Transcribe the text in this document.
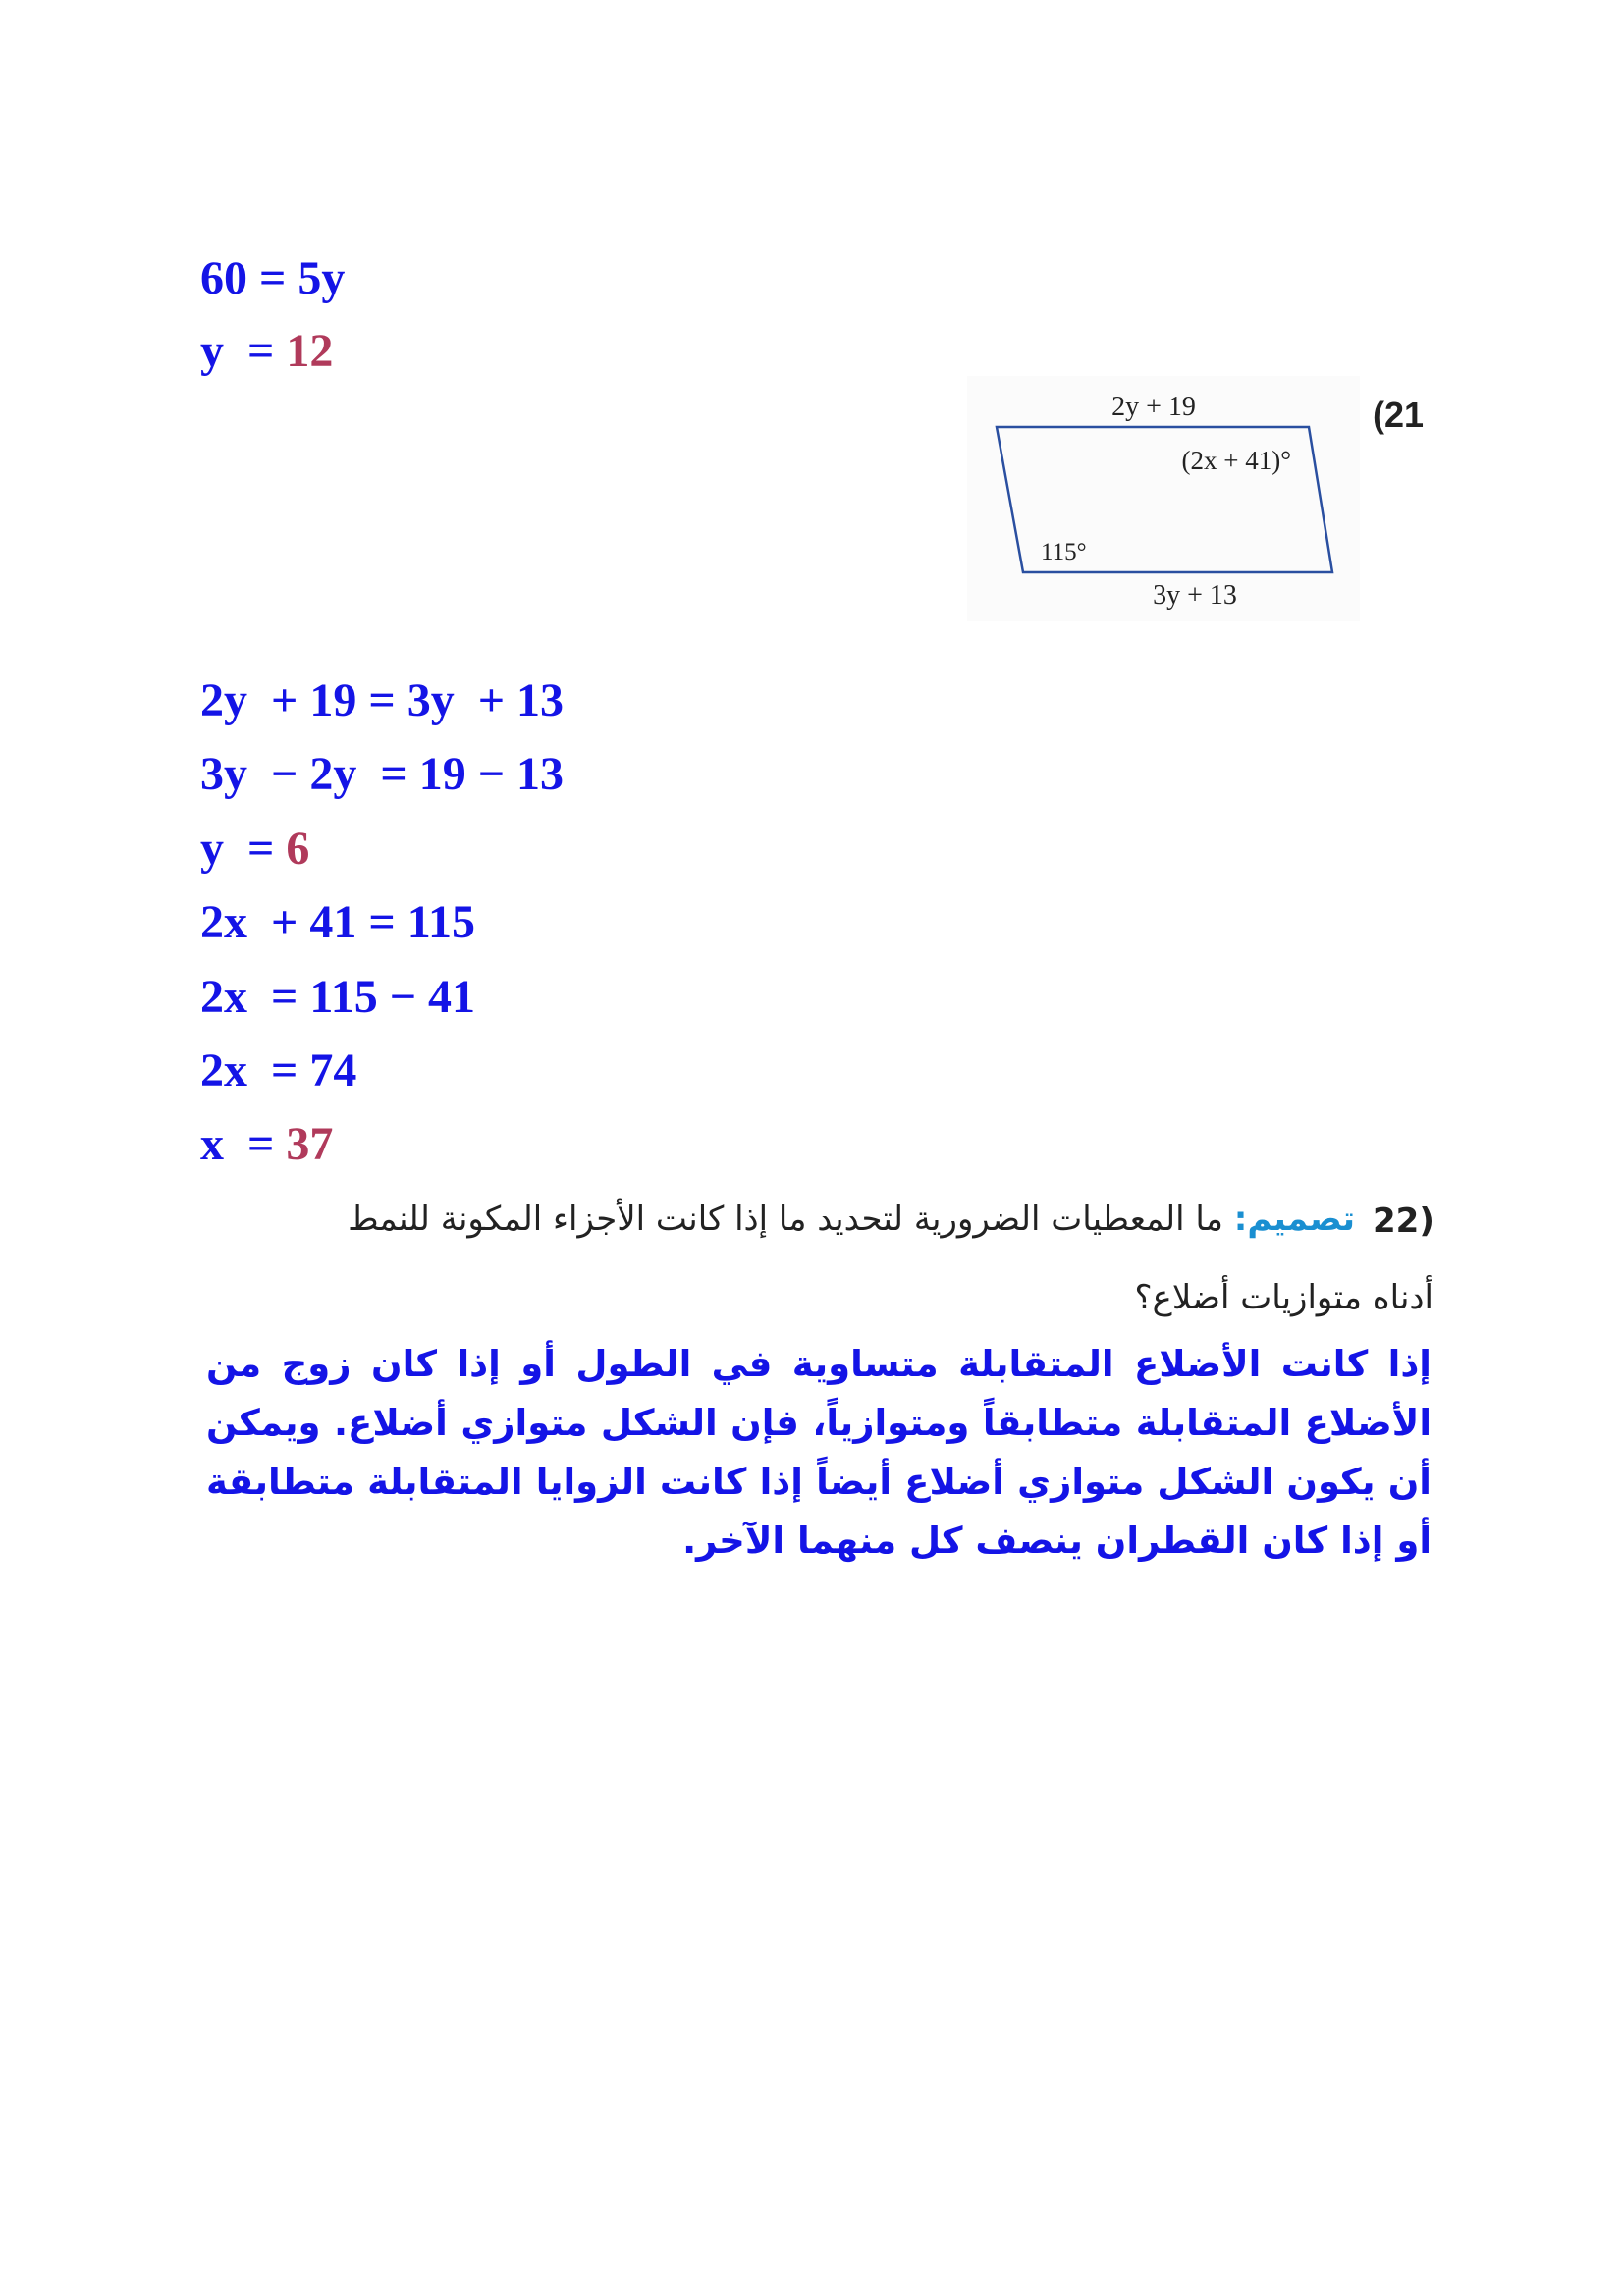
60 = 5y
y  = 12
(21
2y + 19
(2x + 41)°
115°
3y + 13
2y  + 19 = 3y  + 13
3y  − 2y  = 19 − 13
y  = 6
2x  + 41 = 115
2x  = 115 − 41
2x  = 74
x  = 37
22)
تصميم: ما المعطيات الضرورية لتحديد ما إذا كانت الأجزاء المكونة للنمط
أدناه متوازيات أضلاع؟
إذا كانت الأضلاع المتقابلة متساوية في الطول أو إذا كان زوج من الأضلاع المتقابلة متطابقاً ومتوازياً، فإن الشكل متوازي أضلاع. ويمكن أن يكون الشكل متوازي أضلاع أيضاً إذا كانت الزوايا المتقابلة متطابقة أو إذا كان القطران ينصف كل منهما الآخر.
